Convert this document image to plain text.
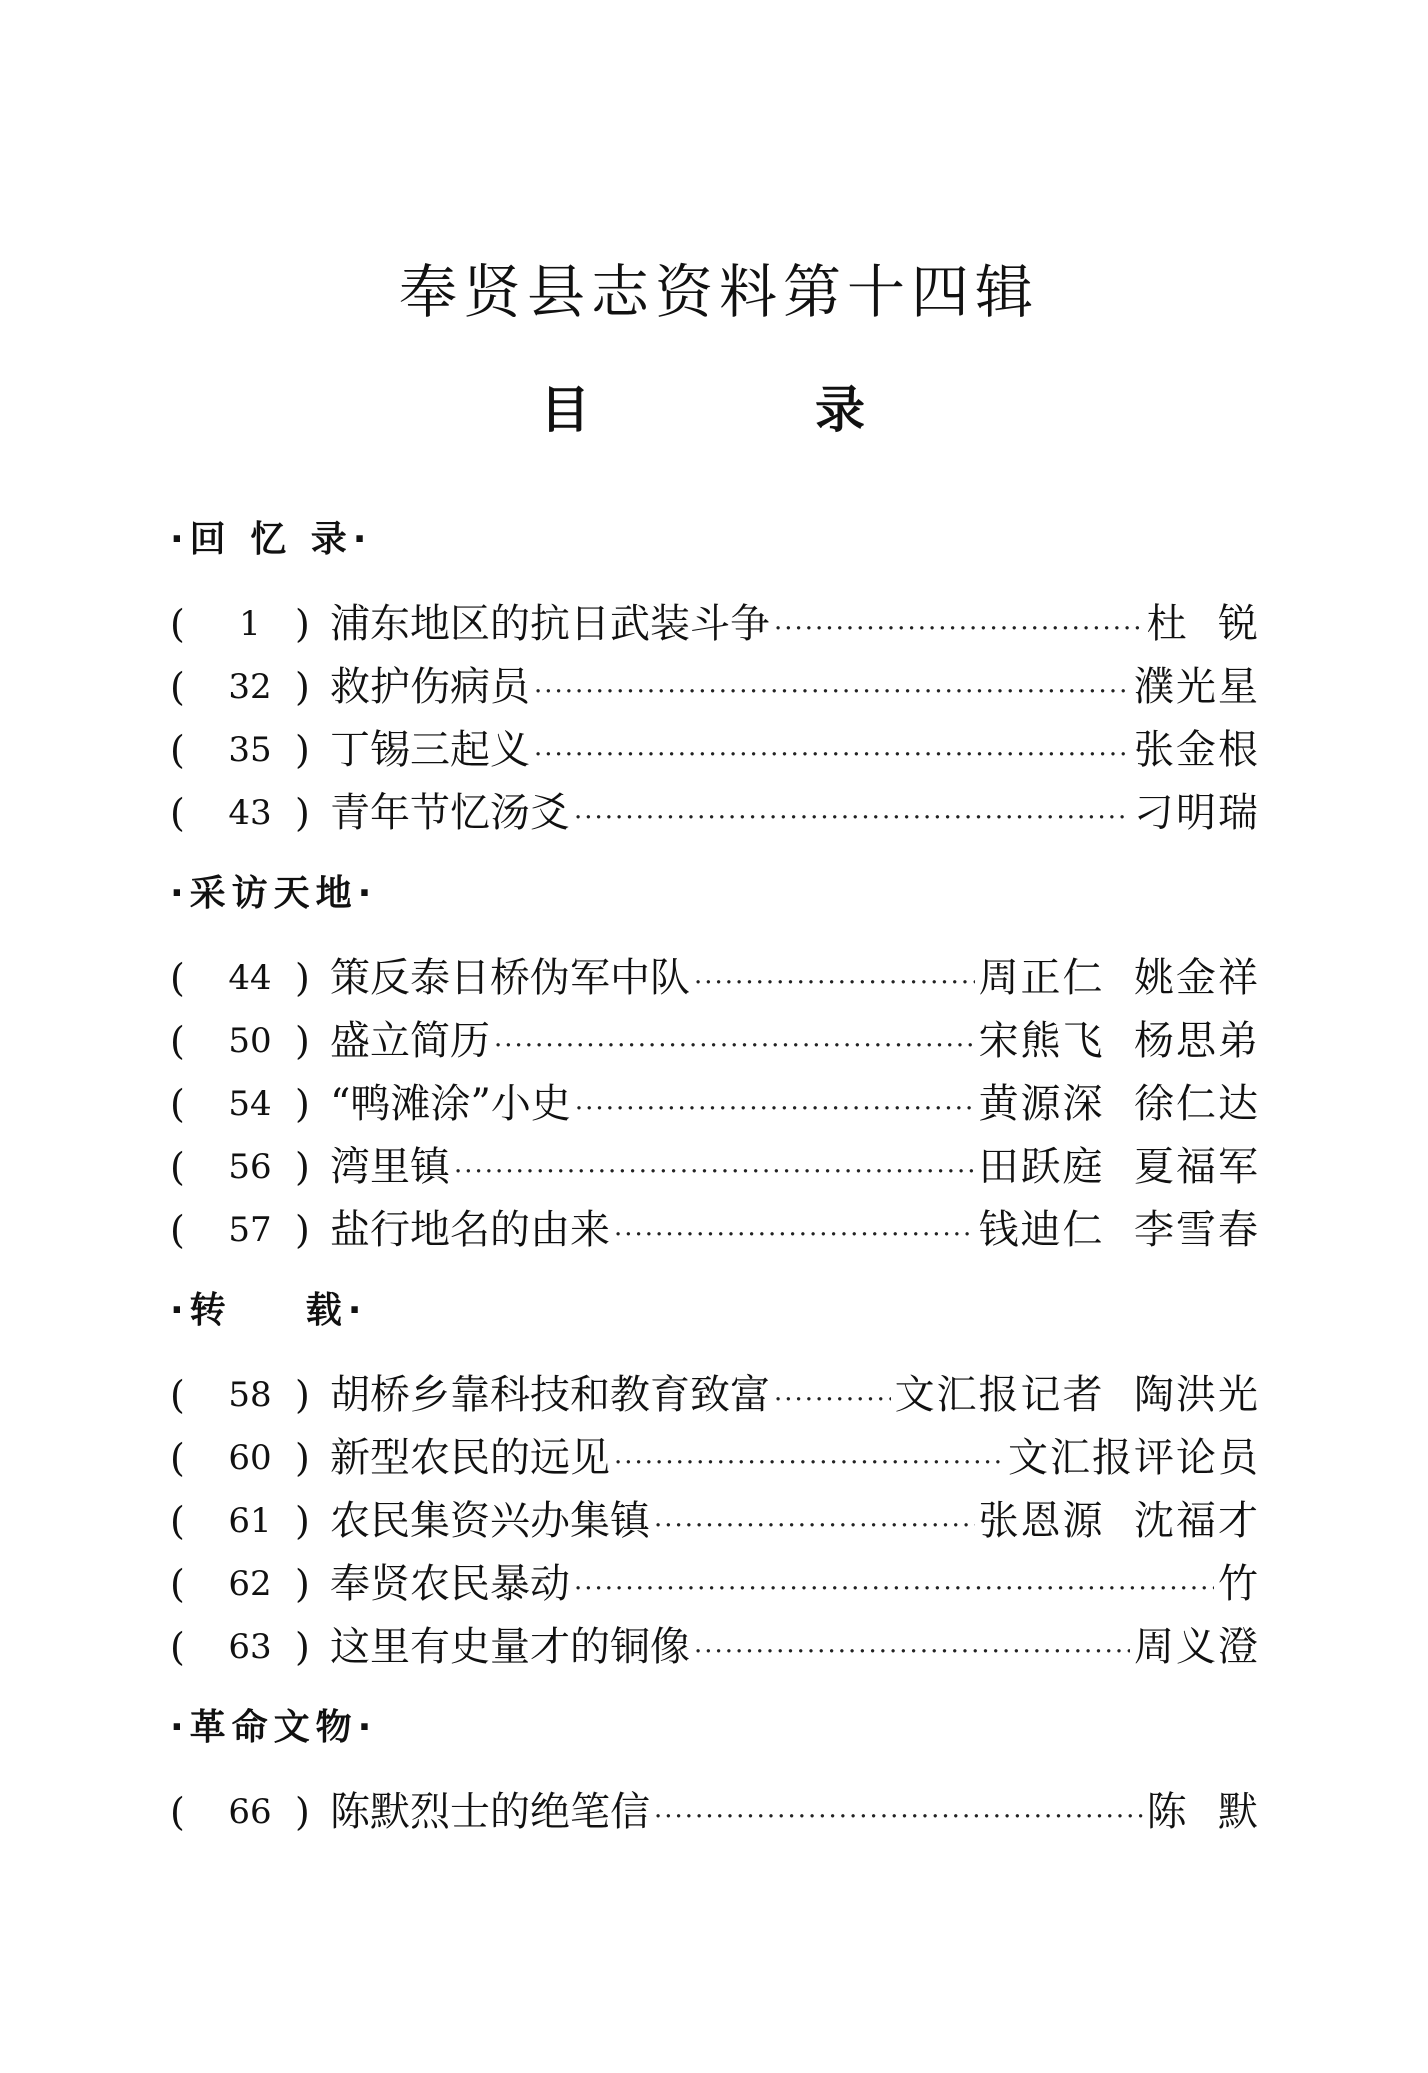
奉贤县志资料第十四辑
目	录
·回 忆 录·
(	1 ) 浦东地区的抗日武装斗争 ·····	杜  锐
(	32 ) 救护伤病员 ·····	濮光星
(	35 ) 丁锡三起义 ·····	张金根
(	43 ) 青年节忆汤爻 ·····	刁明瑞
·采访天地·
(	44 ) 策反泰日桥伪军中队 ·····	周正仁  姚金祥
(	50 ) 盛立简历 ·····	宋熊飞  杨思弟
(	54 ) “鸭滩涂”小史 ·····	黄源深  徐仁达
(	56 ) 湾里镇 ·····	田跃庭  夏福军
(	57 ) 盐行地名的由来 ·····	钱迪仁  李雪春
·转    载·
(	58 ) 胡桥乡靠科技和教育致富 ·····	文汇报记者  陶洪光
(	60 ) 新型农民的远见 ·····	文汇报评论员
(	61 ) 农民集资兴办集镇 ·····	张恩源  沈福才
(	62 ) 奉贤农民暴动 ·····	竹
(	63 ) 这里有史量才的铜像 ·····	周义澄
·革命文物·
(	66 ) 陈默烈士的绝笔信 ·····	陈  默
